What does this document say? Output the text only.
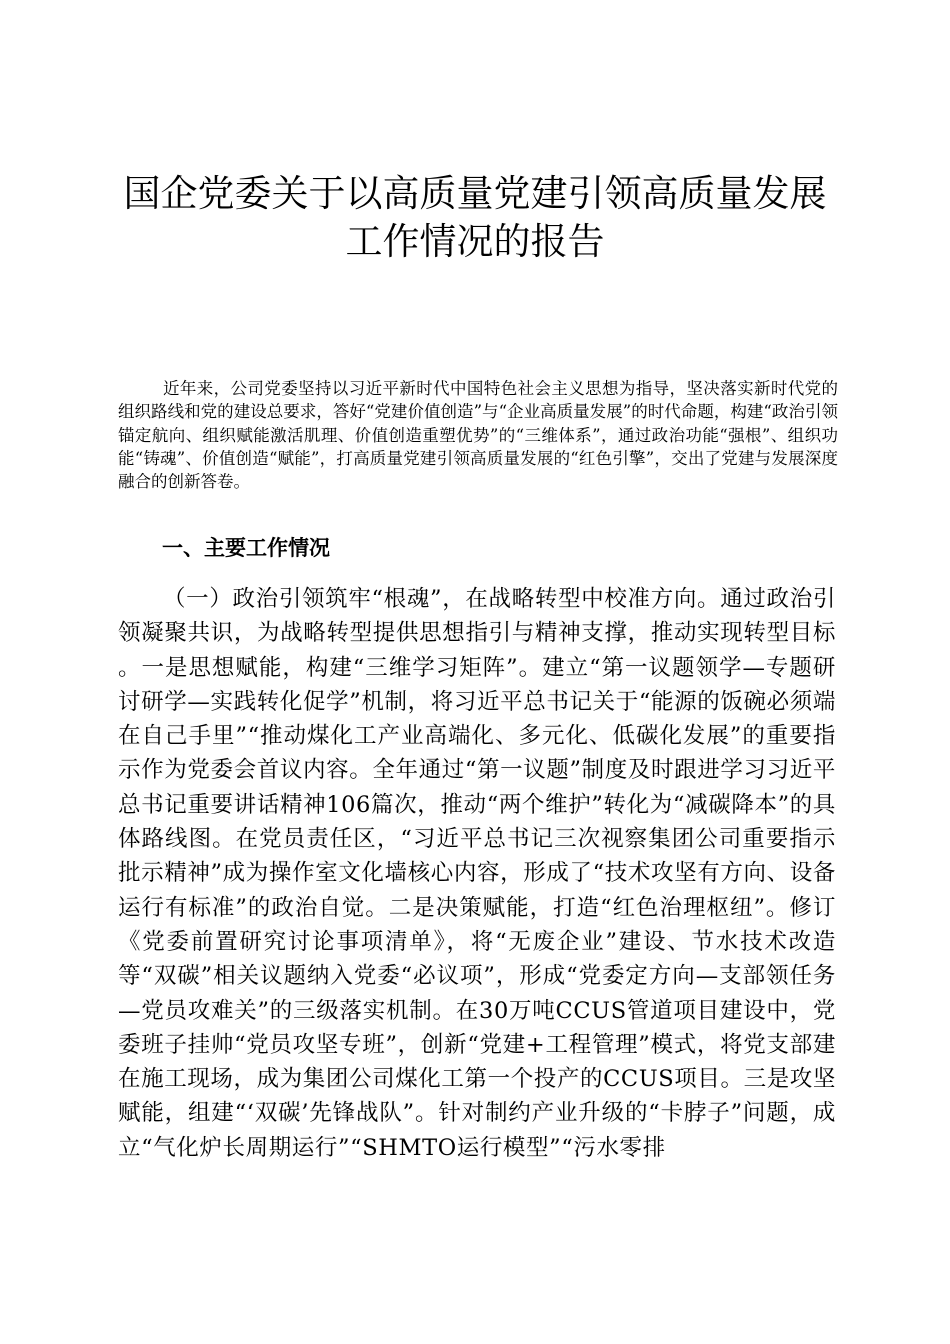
国企党委关于以高质量党建引领高质量发展工作情况的报告

近年来，公司党委坚持以习近平新时代中国特色社会主义思想为指导，坚决落实新时代党的组织路线和党的建设总要求，答好“党建价值创造”与“企业高质量发展”的时代命题，构建“政治引领锚定航向、组织赋能激活肌理、价值创造重塑优势”的“三维体系”，通过政治功能“强根”、组织功能“铸魂”、价值创造“赋能”，打高质量党建引领高质量发展的“红色引擎”，交出了党建与发展深度融合的创新答卷。

一、主要工作情况

（一）政治引领筑牢“根魂”，在战略转型中校准方向。通过政治引领凝聚共识，为战略转型提供思想指引与精神支撑，推动实现转型目标 。一是思想赋能，构建“三维学习矩阵”。建立“第一议题领学—专题研讨研学—实践转化促学”机制，将习近平总书记关于“能源的饭碗必须端在自己手里”“推动煤化工产业高端化、多元化、低碳化发展”的重要指示作为党委会首议内容。全年通过“第一议题”制度及时跟进学习习近平总书记重要讲话精神106篇次，推动“两个维护”转化为“减碳降本”的具体路线图。在党员责任区，“习近平总书记三次视察集团公司重要指示批示精神”成为操作室文化墙核心内容，形成了“技术攻坚有方向、设备运行有标准”的政治自觉。二是决策赋能，打造“红色治理枢纽”。修订《党委前置研究讨论事项清单》，将“无废企业”建设、节水技术改造等“双碳”相关议题纳入党委“必议项”，形成“党委定方向—支部领任务—党员攻难关”的三级落实机制。在30万吨CCUS管道项目建设中，党委班子挂帅“党员攻坚专班”，创新“党建+工程管理”模式，将党支部建在施工现场，成为集团公司煤化工第一个投产的CCUS项目。三是攻坚赋能，组建“‘双碳’先锋战队”。针对制约产业升级的“卡脖子”问题，成立“气化炉长周期运行”“SHMTO运行模型”“污水零排
